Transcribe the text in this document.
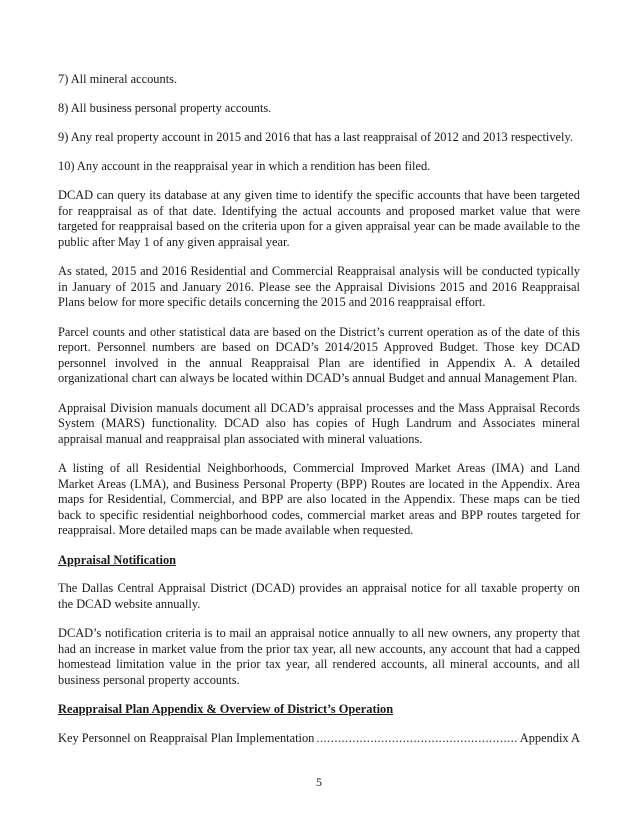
7) All mineral accounts.

8) All business personal property accounts.

9) Any real property account in 2015 and 2016 that has a last reappraisal of 2012 and 2013 respectively.

10) Any account in the reappraisal year in which a rendition has been filed.

DCAD can query its database at any given time to identify the specific accounts that have been targeted for reappraisal as of that date. Identifying the actual accounts and proposed market value that were targeted for reappraisal based on the criteria upon for a given appraisal year can be made available to the public after May 1 of any given appraisal year.

As stated, 2015 and 2016 Residential and Commercial Reappraisal analysis will be conducted typically in January of 2015 and January 2016. Please see the Appraisal Divisions 2015 and 2016 Reappraisal Plans below for more specific details concerning the 2015 and 2016 reappraisal effort.

Parcel counts and other statistical data are based on the District’s current operation as of the date of this report. Personnel numbers are based on DCAD’s 2014/2015 Approved Budget. Those key DCAD personnel involved in the annual Reappraisal Plan are identified in Appendix A. A detailed organizational chart can always be located within DCAD’s annual Budget and annual Management Plan.

Appraisal Division manuals document all DCAD’s appraisal processes and the Mass Appraisal Records System (MARS) functionality. DCAD also has copies of Hugh Landrum and Associates mineral appraisal manual and reappraisal plan associated with mineral valuations.

A listing of all Residential Neighborhoods, Commercial Improved Market Areas (IMA) and Land Market Areas (LMA), and Business Personal Property (BPP) Routes are located in the Appendix. Area maps for Residential, Commercial, and BPP are also located in the Appendix. These maps can be tied back to specific residential neighborhood codes, commercial market areas and BPP routes targeted for reappraisal. More detailed maps can be made available when requested.

Appraisal Notification

The Dallas Central Appraisal District (DCAD) provides an appraisal notice for all taxable property on the DCAD website annually.

DCAD’s notification criteria is to mail an appraisal notice annually to all new owners, any property that had an increase in market value from the prior tax year, all new accounts, any account that had a capped homestead limitation value in the prior tax year, all rendered accounts, all mineral accounts, and all business personal property accounts.

Reappraisal Plan Appendix & Overview of District’s Operation

Key Personnel on Reappraisal Plan Implementation
.....	Appendix A
5
